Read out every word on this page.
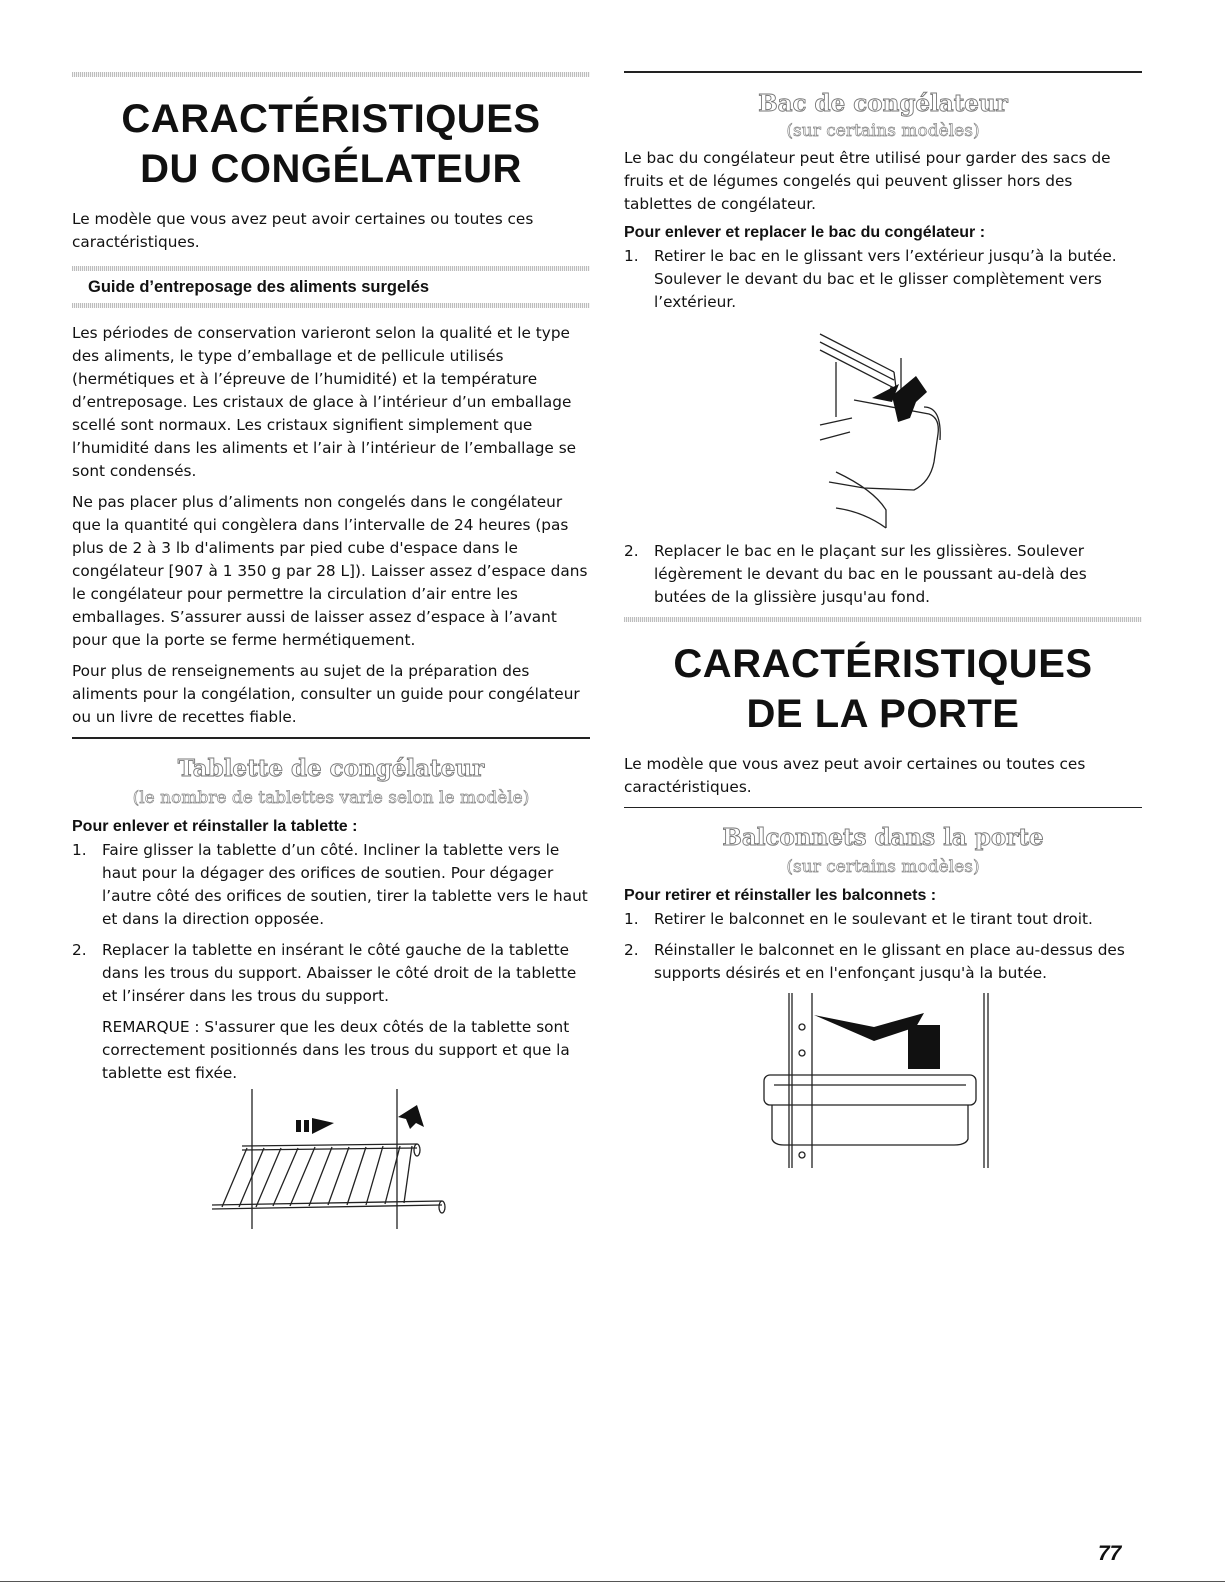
CARACTÉRISTIQUES
DU CONGÉLATEUR

Le modèle que vous avez peut avoir certaines ou toutes ces caractéristiques.

Guide d’entreposage des aliments surgelés

Les périodes de conservation varieront selon la qualité et le type des aliments, le type d’emballage et de pellicule utilisés (hermétiques et à l’épreuve de l’humidité) et la température d’entreposage. Les cristaux de glace à l’intérieur d’un emballage scellé sont normaux. Les cristaux signifient simplement que l’humidité dans les aliments et l’air à l’intérieur de l’emballage se sont condensés.

Ne pas placer plus d’aliments non congelés dans le congélateur que la quantité qui congèlera dans l’intervalle de 24 heures (pas plus de 2 à 3 lb d'aliments par pied cube d'espace dans le congélateur [907 à 1 350 g par 28 L]). Laisser assez d’espace dans le congélateur pour permettre la circulation d’air entre les emballages. S’assurer aussi de laisser assez d’espace à l’avant pour que la porte se ferme hermétiquement.

Pour plus de renseignements au sujet de la préparation des aliments pour la congélation, consulter un guide pour congélateur ou un livre de recettes fiable.

Tablette de congélateur
(le nombre de tablettes varie selon le modèle)
Pour enlever et réinstaller la tablette :
1.	Faire glisser la tablette d’un côté. Incliner la tablette vers le haut pour la dégager des orifices de soutien. Pour dégager l’autre côté des orifices de soutien, tirer la tablette vers le haut et dans la direction opposée.
2.	Replacer la tablette en insérant le côté gauche de la tablette dans les trous du support. Abaisser le côté droit de la tablette et l’insérer dans les trous du support.

REMARQUE : S'assurer que les deux côtés de la tablette sont correctement positionnés dans les trous du support et que la tablette est fixée.

Bac de congélateur
(sur certains modèles)

Le bac du congélateur peut être utilisé pour garder des sacs de fruits et de légumes congelés qui peuvent glisser hors des tablettes de congélateur.

Pour enlever et replacer le bac du congélateur :
1.	Retirer le bac en le glissant vers l’extérieur jusqu’à la butée. Soulever le devant du bac et le glisser complètement vers l’extérieur.
2.	Replacer le bac en le plaçant sur les glissières. Soulever légèrement le devant du bac en le poussant au-delà des butées de la glissière jusqu'au fond.
CARACTÉRISTIQUES
DE LA PORTE

Le modèle que vous avez peut avoir certaines ou toutes ces caractéristiques.

Balconnets dans la porte
(sur certains modèles)
Pour retirer et réinstaller les balconnets :
1.	Retirer le balconnet en le soulevant et le tirant tout droit.
2.	Réinstaller le balconnet en le glissant en place au-dessus des supports désirés et en l'enfonçant jusqu'à la butée.
77
